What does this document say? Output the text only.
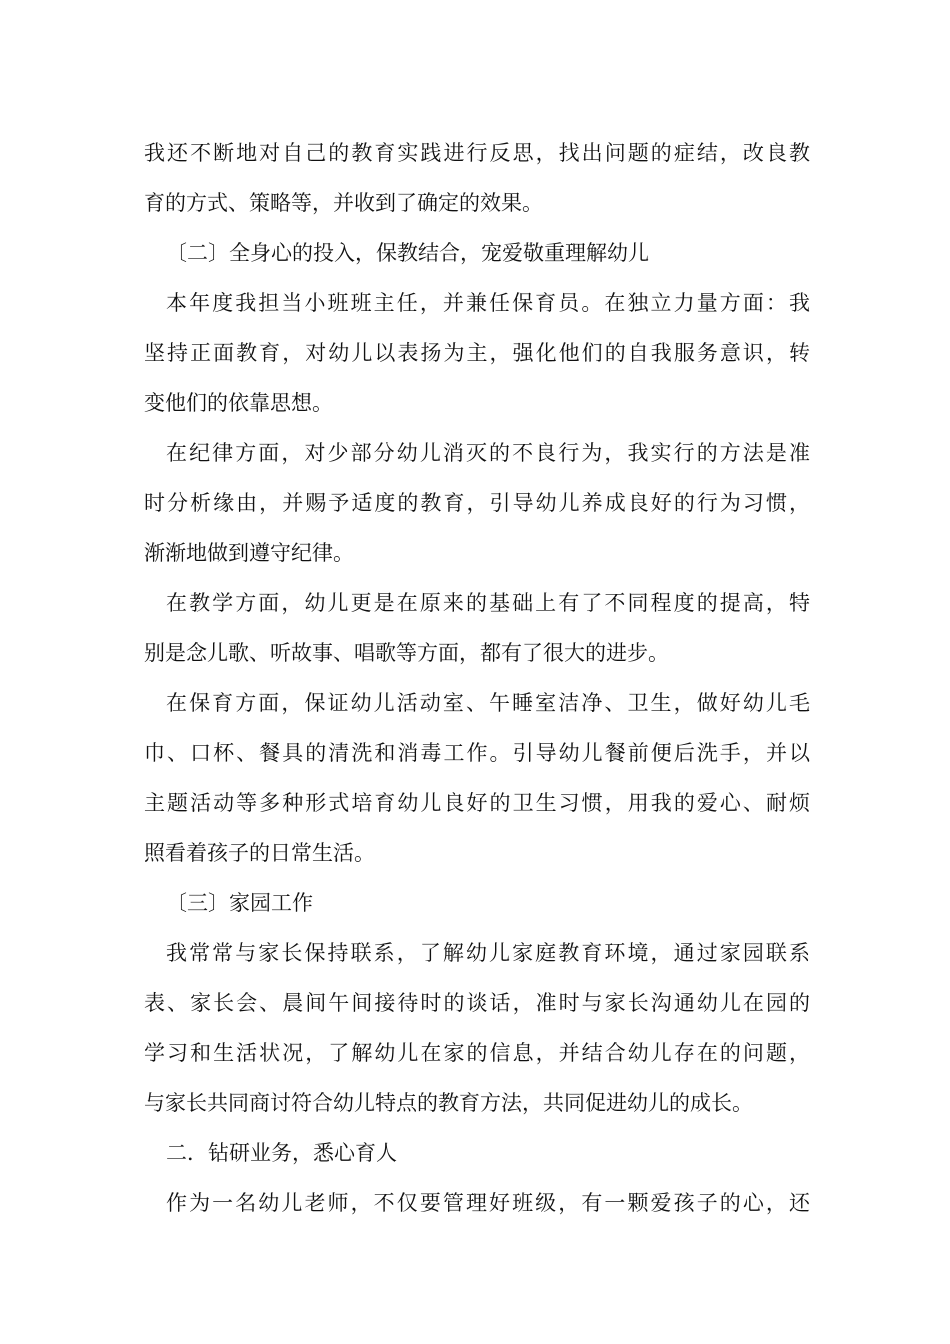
我还不断地对自己的教育实践进行反思，找出问题的症结，改良教
育的方式、策略等，并收到了确定的效果。
〔二〕全身心的投入，保教结合，宠爱敬重理解幼儿
本年度我担当小班班主任，并兼任保育员。在独立力量方面：我
坚持正面教育，对幼儿以表扬为主，强化他们的自我服务意识，转
变他们的依靠思想。
在纪律方面，对少部分幼儿消灭的不良行为，我实行的方法是准
时分析缘由，并赐予适度的教育，引导幼儿养成良好的行为习惯，
渐渐地做到遵守纪律。
在教学方面，幼儿更是在原来的基础上有了不同程度的提高，特
别是念儿歌、听故事、唱歌等方面，都有了很大的进步。
在保育方面，保证幼儿活动室、午睡室洁净、卫生，做好幼儿毛
巾、口杯、餐具的清洗和消毒工作。引导幼儿餐前便后洗手，并以
主题活动等多种形式培育幼儿良好的卫生习惯，用我的爱心、耐烦
照看着孩子的日常生活。
〔三〕家园工作
我常常与家长保持联系，了解幼儿家庭教育环境，通过家园联系
表、家长会、晨间午间接待时的谈话，准时与家长沟通幼儿在园的
学习和生活状况，了解幼儿在家的信息，并结合幼儿存在的问题，
与家长共同商讨符合幼儿特点的教育方法，共同促进幼儿的成长。
二．钻研业务，悉心育人
作为一名幼儿老师，不仅要管理好班级，有一颗爱孩子的心，还
